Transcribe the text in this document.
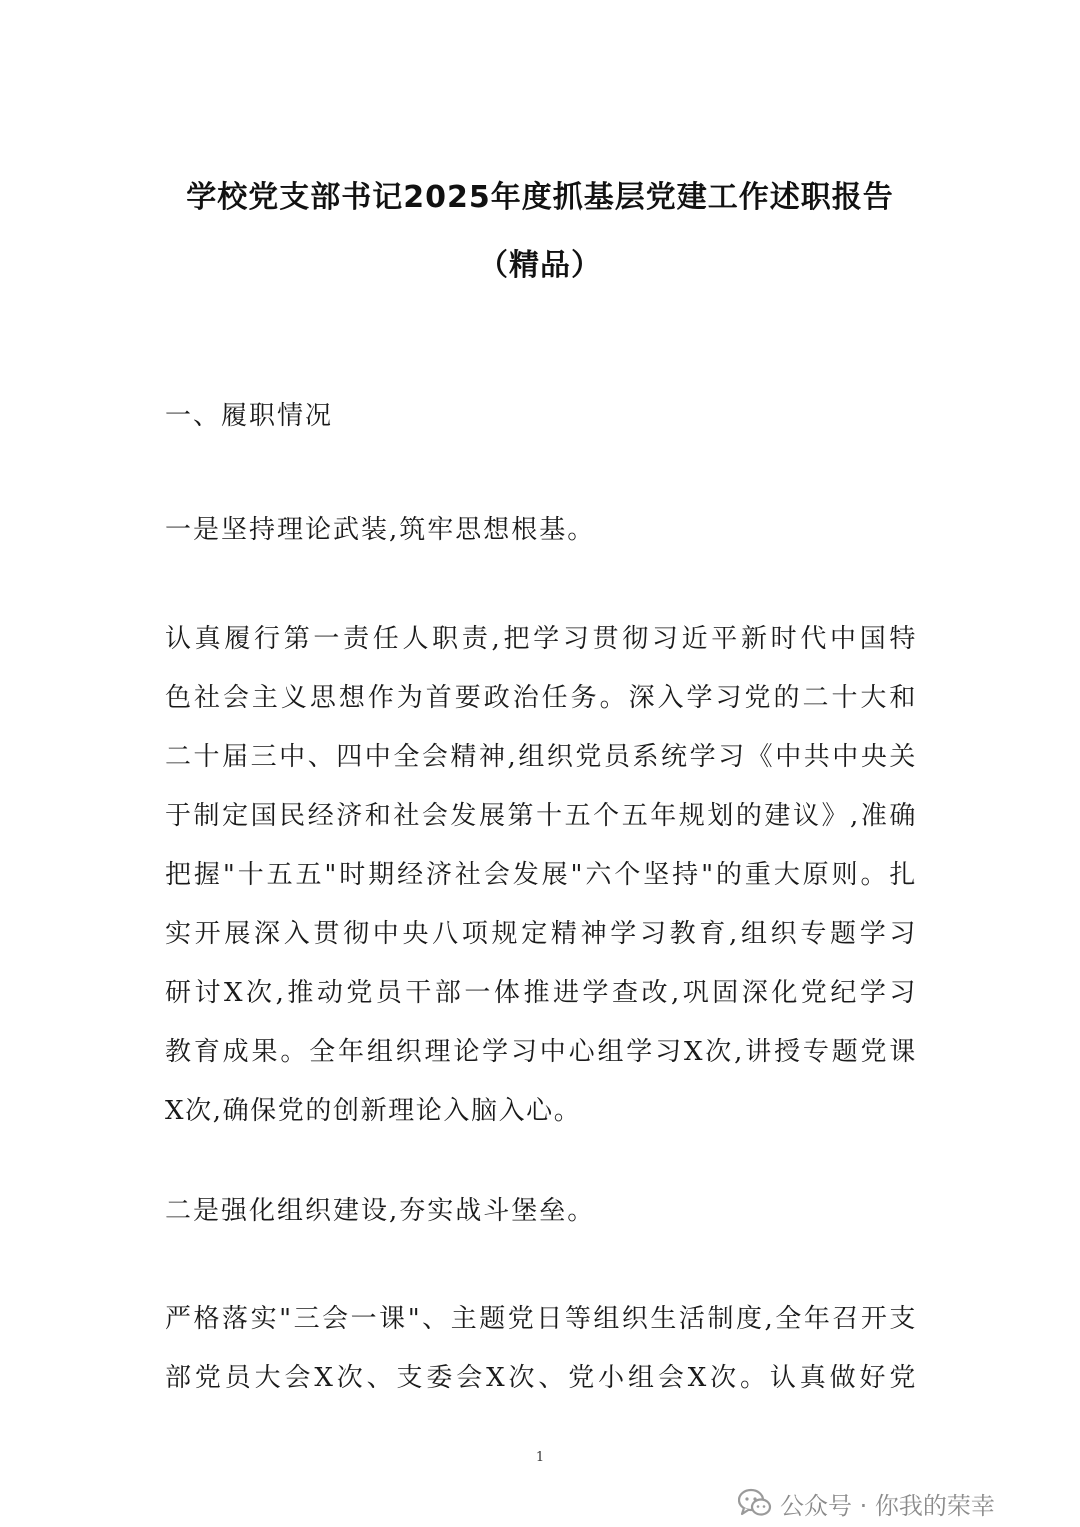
学校党支部书记2025年度抓基层党建工作述职报告
（精品）
一、履职情况
一是坚持理论武装,筑牢思想根基。
认真履行第一责任人职责,把学习贯彻习近平新时代中国特
色社会主义思想作为首要政治任务。深入学习党的二十大和
二十届三中、四中全会精神,组织党员系统学习《中共中央关
于制定国民经济和社会发展第十五个五年规划的建议》,准确
把握"十五五"时期经济社会发展"六个坚持"的重大原则。扎
实开展深入贯彻中央八项规定精神学习教育,组织专题学习
研讨X次,推动党员干部一体推进学查改,巩固深化党纪学习
教育成果。全年组织理论学习中心组学习X次,讲授专题党课
X次,确保党的创新理论入脑入心。
二是强化组织建设,夯实战斗堡垒。
严格落实"三会一课"、主题党日等组织生活制度,全年召开支
部党员大会X次、支委会X次、党小组会X次。认真做好党
1
公众号 · 你我的荣幸
